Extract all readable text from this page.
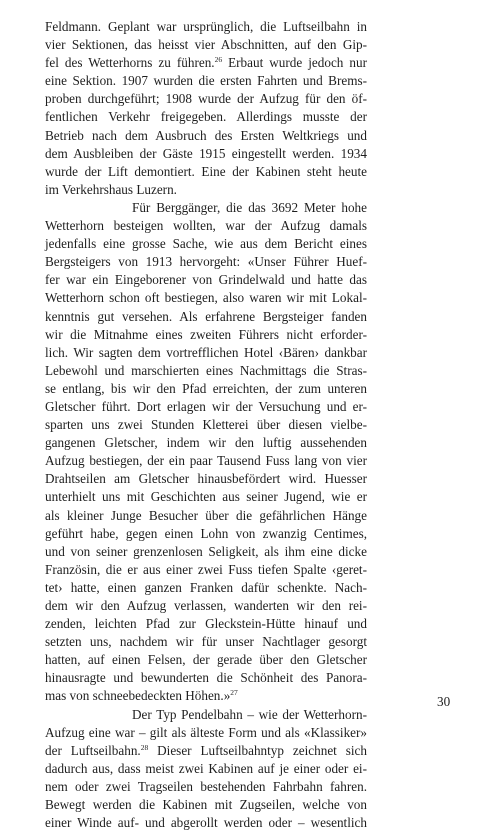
Feldmann. Geplant war ursprünglich, die Luftseilbahn in
vier Sektionen, das heisst vier Abschnitten, auf den Gip-
fel des Wetterhorns zu führen.$^{26}$ Erbaut wurde jedoch nur
eine Sektion. 1907 wurden die ersten Fahrten und Brems-
proben durchgeführt; 1908 wurde der Aufzug für den öf-
fentlichen Verkehr freigegeben. Allerdings musste der
Betrieb nach dem Ausbruch des Ersten Weltkriegs und
dem Ausbleiben der Gäste 1915 eingestellt werden. 1934
wurde der Lift demontiert. Eine der Kabinen steht heute
im Verkehrshaus Luzern.
Für Berggänger, die das 3692 Meter hohe
Wetterhorn besteigen wollten, war der Aufzug damals
jedenfalls eine grosse Sache, wie aus dem Bericht eines
Bergsteigers von 1913 hervorgeht: «Unser Führer Huef-
fer war ein Eingeborener von Grindelwald und hatte das
Wetterhorn schon oft bestiegen, also waren wir mit Lokal-
kenntnis gut versehen. Als erfahrene Bergsteiger fanden
wir die Mitnahme eines zweiten Führers nicht erforder-
lich. Wir sagten dem vortrefflichen Hotel ‹Bären› dankbar
Lebewohl und marschierten eines Nachmittags die Stras-
se entlang, bis wir den Pfad erreichten, der zum unteren
Gletscher führt. Dort erlagen wir der Versuchung und er-
sparten uns zwei Stunden Kletterei über diesen vielbe-
gangenen Gletscher, indem wir den luftig aussehenden
Aufzug bestiegen, der ein paar Tausend Fuss lang von vier
Drahtseilen am Gletscher hinausbefördert wird. Huesser
unterhielt uns mit Geschichten aus seiner Jugend, wie er
als kleiner Junge Besucher über die gefährlichen Hänge
geführt habe, gegen einen Lohn von zwanzig Centimes,
und von seiner grenzenlosen Seligkeit, als ihm eine dicke
Französin, die er aus einer zwei Fuss tiefen Spalte ‹geret-
tet› hatte, einen ganzen Franken dafür schenkte. Nach-
dem wir den Aufzug verlassen, wanderten wir den rei-
zenden, leichten Pfad zur Gleckstein-Hütte hinauf und
setzten uns, nachdem wir für unser Nachtlager gesorgt
hatten, auf einen Felsen, der gerade über den Gletscher
hinausragte und bewunderten die Schönheit des Panora-
mas von schneebedeckten Höhen.»$^{27}$
Der Typ Pendelbahn – wie der Wetterhorn-
Aufzug eine war – gilt als älteste Form und als «Klassiker»
der Luftseilbahn.$^{28}$ Dieser Luftseilbahntyp zeichnet sich
dadurch aus, dass meist zwei Kabinen auf je einer oder ei-
nem oder zwei Tragseilen bestehenden Fahrbahn fahren.
Bewegt werden die Kabinen mit Zugseilen, welche von
einer Winde auf- und abgerollt werden oder – wesentlich
30
